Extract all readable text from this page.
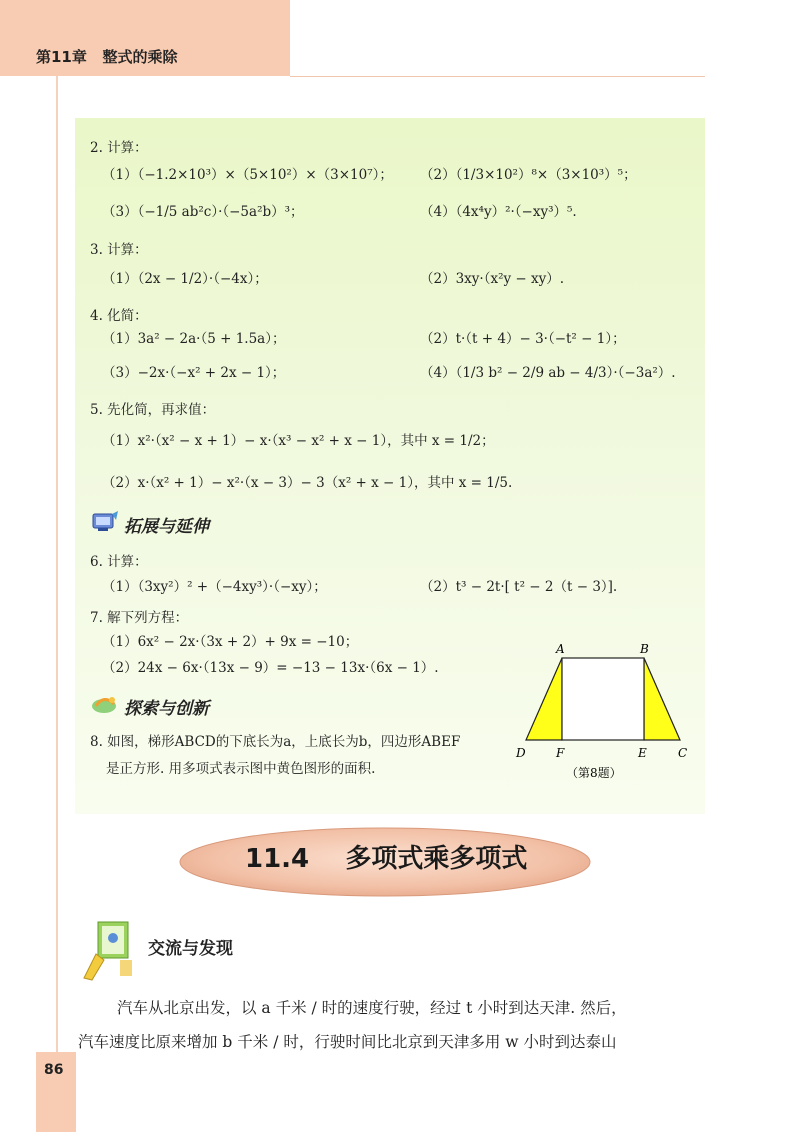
第11章 整式的乘除
2. 计算：
（1）（−1.2×10³）×（5×10²）×（3×10⁷）； （2）（1/3×10²）⁸×（3×10³）⁵；
（3）（−1/5 ab²c）·（−5a²b）³；	（4）（4x⁴y）²·（−xy³）⁵.
3. 计算：
（1）（2x − 1/2）·（−4x）；	（2）3xy·（x²y − xy）.
4. 化简：
（1）3a² − 2a·（5 + 1.5a）；	（2）t·（t + 4）− 3·（−t² − 1）；
（3）−2x·（−x² + 2x − 1）；	（4）（1/3 b² − 2/9 ab − 4/3）·（−3a²）.
5. 先化简，再求值：
（1）x²·（x² − x + 1）− x·（x³ − x² + x − 1），其中 x = 1/2；
（2）x·（x² + 1）− x²·（x − 3）− 3（x² + x − 1），其中 x = 1/5.
拓展与延伸
6. 计算：
（1）（3xy²）² +（−4xy³）·（−xy）；	（2）t³ − 2t·[ t² − 2（t − 3）].
7. 解下列方程：
（1）6x² − 2x·（3x + 2）+ 9x = −10；
（2）24x − 6x·（13x − 9）= −13 − 13x·（6x − 1）.
探索与创新
8. 如图，梯形ABCD的下底长为a，上底长为b，四边形ABEF
是正方形. 用多项式表示图中黄色图形的面积.
A	B
D	F	E	C
（第8题）
11.4 多项式乘多项式
交流与发现
汽车从北京出发，以 a 千米 / 时的速度行驶，经过 t 小时到达天津. 然后，
汽车速度比原来增加 b 千米 / 时，行驶时间比北京到天津多用 w 小时到达泰山
86
